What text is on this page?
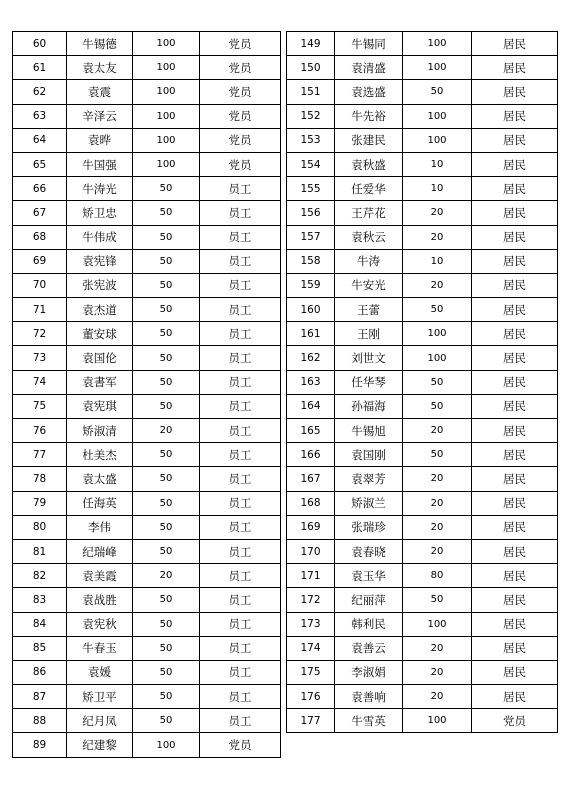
60	牛锡德	100	党员
61	袁太友	100	党员
62	袁震	100	党员
63	辛泽云	100	党员
64	袁晔	100	党员
65	牛国强	100	党员
66	牛涛光	50	员工
67	矫卫忠	50	员工
68	牛伟成	50	员工
69	袁宪锋	50	员工
70	张宪波	50	员工
71	袁杰道	50	员工
72	董安球	50	员工
73	袁国伦	50	员工
74	袁書军	50	员工
75	袁宪琪	50	员工
76	矫淑清	20	员工
77	杜美杰	50	员工
78	袁太盛	50	员工
79	任海英	50	员工
80	李伟	50	员工
81	纪瑞峰	50	员工
82	袁美霞	20	员工
83	袁战胜	50	员工
84	袁宪秋	50	员工
85	牛春玉	50	员工
86	袁媛	50	员工
87	矫卫平	50	员工
88	纪月凤	50	员工
89	纪建黎	100	党员
149	牛锡同	100	居民
150	袁清盛	100	居民
151	袁选盛	50	居民
152	牛先裕	100	居民
153	张建民	100	居民
154	袁秋盛	10	居民
155	任爱华	10	居民
156	王芹花	20	居民
157	袁秋云	20	居民
158	牛涛	10	居民
159	牛安光	20	居民
160	王蕾	50	居民
161	王刚	100	居民
162	刘世文	100	居民
163	任华琴	50	居民
164	孙福海	50	居民
165	牛锡旭	20	居民
166	袁国刚	50	居民
167	袁翠芳	20	居民
168	矫淑兰	20	居民
169	张瑞珍	20	居民
170	袁春晓	20	居民
171	袁玉华	80	居民
172	纪丽萍	50	居民
173	韩利民	100	居民
174	袁善云	20	居民
175	李淑娟	20	居民
176	袁善响	20	居民
177	牛雪英	100	党员
